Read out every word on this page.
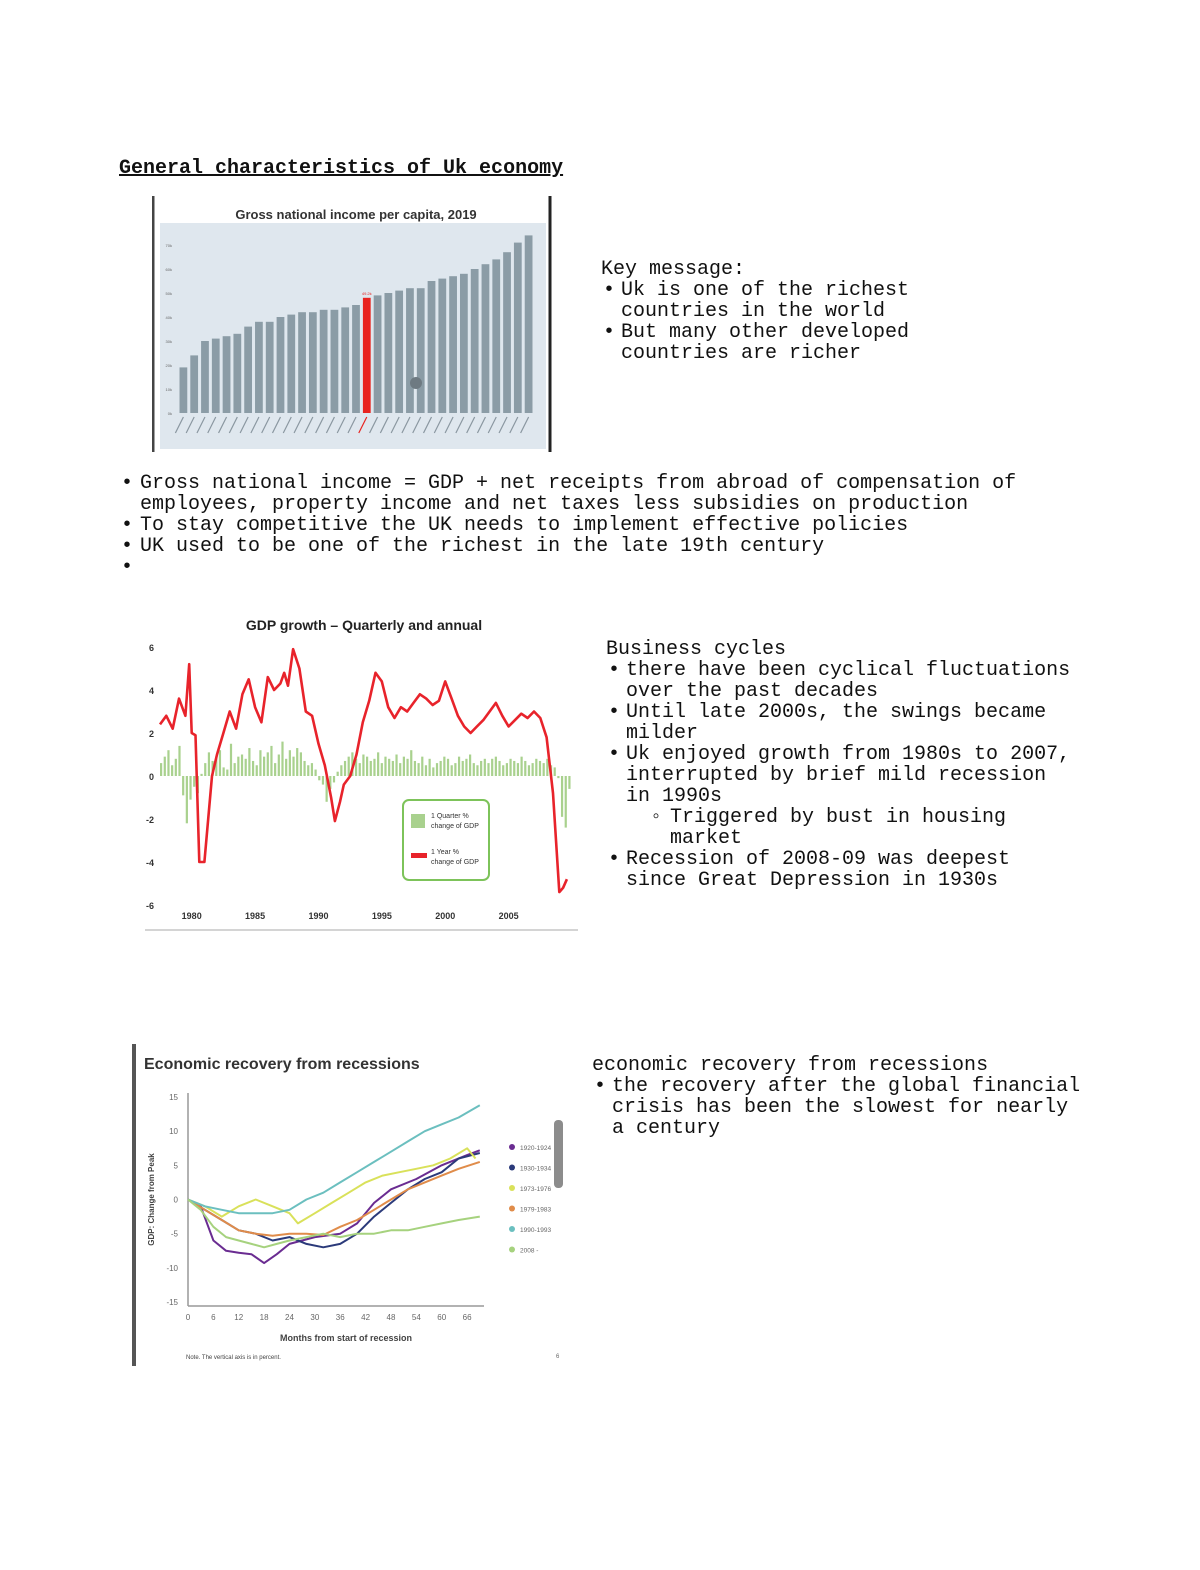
General characteristics of Uk economy
Gross national income per capita, 2019
0k
10k
20k
30k
40k
50k
60k
70k
49.2k
Key message:
• Uk is one of the richest countries in the world
• But many other developed countries are richer
• Gross national income = GDP + net receipts from abroad of compensation of employees, property income and net taxes less subsidies on production
• To stay competitive the UK needs to implement effective policies
• UK used to be one of the richest in the late 19th century
•
GDP growth – Quarterly and annual
6
4
2
0
-2
-4
-6
1980	1985	1990	1995	2000	2005
1 Quarter %
change of GDP
1 Year %
change of GDP
Business cycles
• there have been cyclical fluctuations over the past decades
• Until late 2000s, the swings became milder
• Uk enjoyed growth from 1980s to 2007, interrupted by brief mild recession in 1990s
◦ Triggered by bust in housing market
• Recession of 2008-09 was deepest since Great Depression in 1930s
Economic recovery from recessions
15
10
5
0
-5
-10
-15
0	6 12 18 24 30 36 42 48 54 60 66
GDP: Change from Peak
Months from start of recession
Note. The vertical axis is in percent.	6
1920-1924
1930-1934
1973-1976
1979-1983
1990-1993
2008 -
economic recovery from recessions
• the recovery after the global financial crisis has been the slowest for nearly a century
